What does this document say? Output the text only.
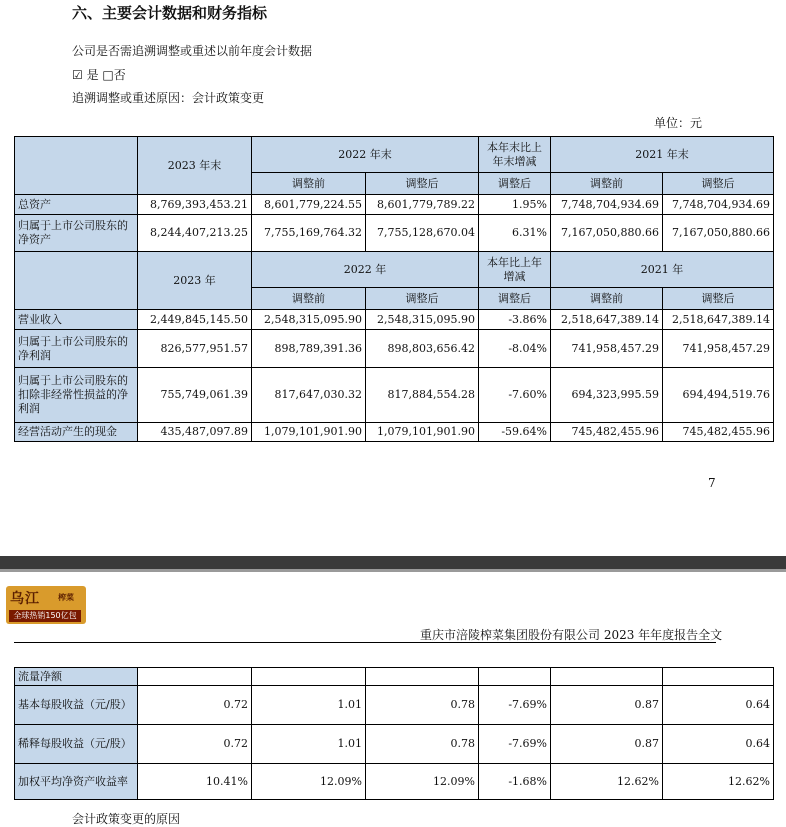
六、主要会计数据和财务指标
公司是否需追溯调整或重述以前年度会计数据
☑ 是 □否
追溯调整或重述原因：会计政策变更
单位：元
	2023 年末	2022 年末		本年末比上年末增减	2021 年末	
		调整前	调整后	调整后	调整前	调整后
总资产	8,769,393,453.21	8,601,779,224.55	8,601,779,789.22	1.95%	7,748,704,934.69	7,748,704,934.69
归属于上市公司股东的净资产	8,244,407,213.25	7,755,169,764.32	7,755,128,670.04	6.31%	7,167,050,880.66	7,167,050,880.66
	2023 年	2022 年		本年比上年增减	2021 年	
		调整前	调整后	调整后	调整前	调整后
营业收入	2,449,845,145.50	2,548,315,095.90	2,548,315,095.90	-3.86%	2,518,647,389.14	2,518,647,389.14
归属于上市公司股东的净利润	826,577,951.57	898,789,391.36	898,803,656.42	-8.04%	741,958,457.29	741,958,457.29
归属于上市公司股东的扣除非经常性损益的净利润	755,749,061.39	817,647,030.32	817,884,554.28	-7.60%	694,323,995.59	694,494,519.76
经营活动产生的现金	435,487,097.89	1,079,101,901.90	1,079,101,901.90	-59.64%	745,482,455.96	745,482,455.96
7
乌江 榨菜
全球热销150亿包
重庆市涪陵榨菜集团股份有限公司 2023 年年度报告全文
流量净额						
基本每股收益（元/股）	0.72	1.01	0.78	-7.69%	0.87	0.64
稀释每股收益（元/股）	0.72	1.01	0.78	-7.69%	0.87	0.64
加权平均净资产收益率	10.41%	12.09%	12.09%	-1.68%	12.62%	12.62%
会计政策变更的原因
